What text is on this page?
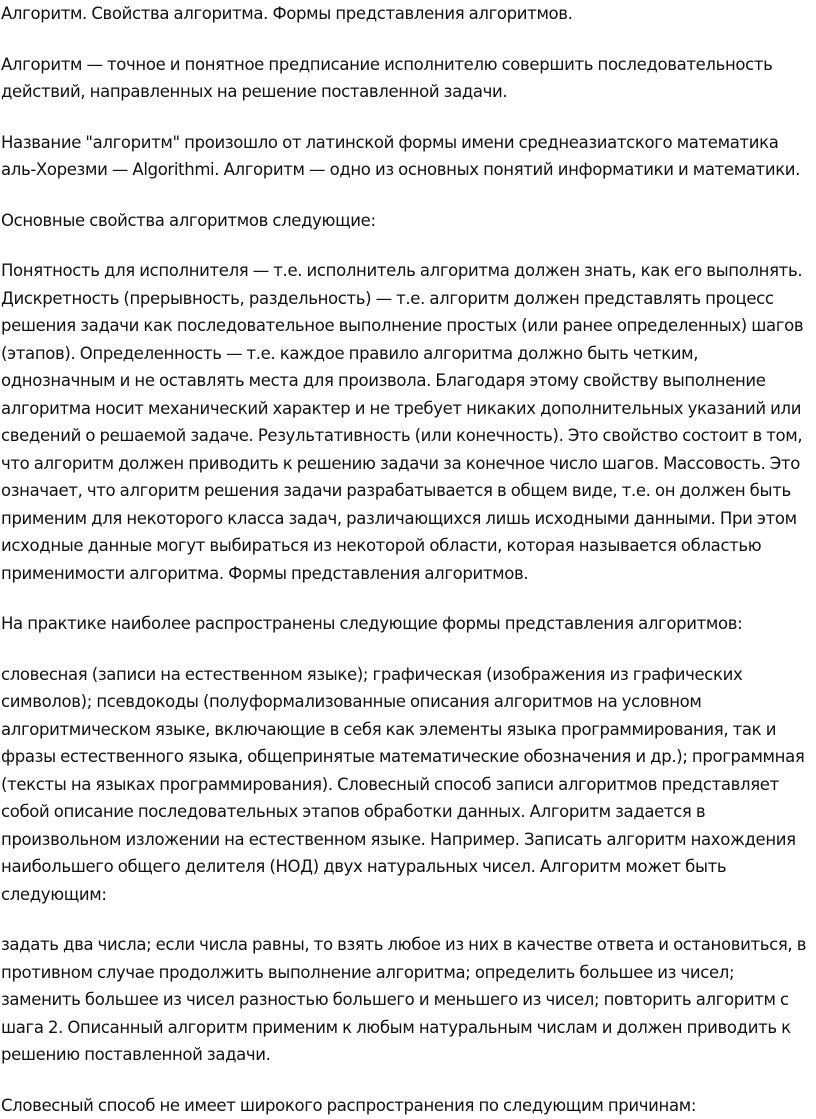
Алгоритм. Свойства алгоритма. Формы представления алгоритмов.

Алгоритм — точное и понятное предписание исполнителю совершить последовательность действий, направленных на решение поставленной задачи.

Название "алгоритм" произошло от латинской формы имени среднеазиатского математика аль-Хорезми — Algorithmi. Алгоритм — одно из основных понятий информатики и математики.

Основные свойства алгоритмов следующие:

Понятность для исполнителя — т.е. исполнитель алгоритма должен знать, как его выполнять. Дискретность (прерывность, раздельность) — т.е. алгоритм должен представлять процесс решения задачи как последовательное выполнение простых (или ранее определенных) шагов (этапов). Определенность — т.е. каждое правило алгоритма должно быть четким, однозначным и не оставлять места для произвола. Благодаря этому свойству выполнение алгоритма носит механический характер и не требует никаких дополнительных указаний или сведений о решаемой задаче. Результативность (или конечность). Это свойство состоит в том, что алгоритм должен приводить к решению задачи за конечное число шагов. Массовость. Это означает, что алгоритм решения задачи разрабатывается в общем виде, т.е. он должен быть применим для некоторого класса задач, различающихся лишь исходными данными. При этом исходные данные могут выбираться из некоторой области, которая называется областью применимости алгоритма. Формы представления алгоритмов.

На практике наиболее распространены следующие формы представления алгоритмов:

словесная (записи на естественном языке); графическая (изображения из графических символов); псевдокоды (полуформализованные описания алгоритмов на условном алгоритмическом языке, включающие в себя как элементы языка программирования, так и фразы естественного языка, общепринятые математические обозначения и др.); программная (тексты на языках программирования). Словесный способ записи алгоритмов представляет собой описание последовательных этапов обработки данных. Алгоритм задается в произвольном изложении на естественном языке. Например. Записать алгоритм нахождения наибольшего общего делителя (НОД) двух натуральных чисел. Алгоритм может быть следующим:

задать два числа; если числа равны, то взять любое из них в качестве ответа и остановиться, в противном случае продолжить выполнение алгоритма; определить большее из чисел; заменить большее из чисел разностью большего и меньшего из чисел; повторить алгоритм с шага 2. Описанный алгоритм применим к любым натуральным числам и должен приводить к решению поставленной задачи.

Словесный способ не имеет широкого распространения по следующим причинам:
